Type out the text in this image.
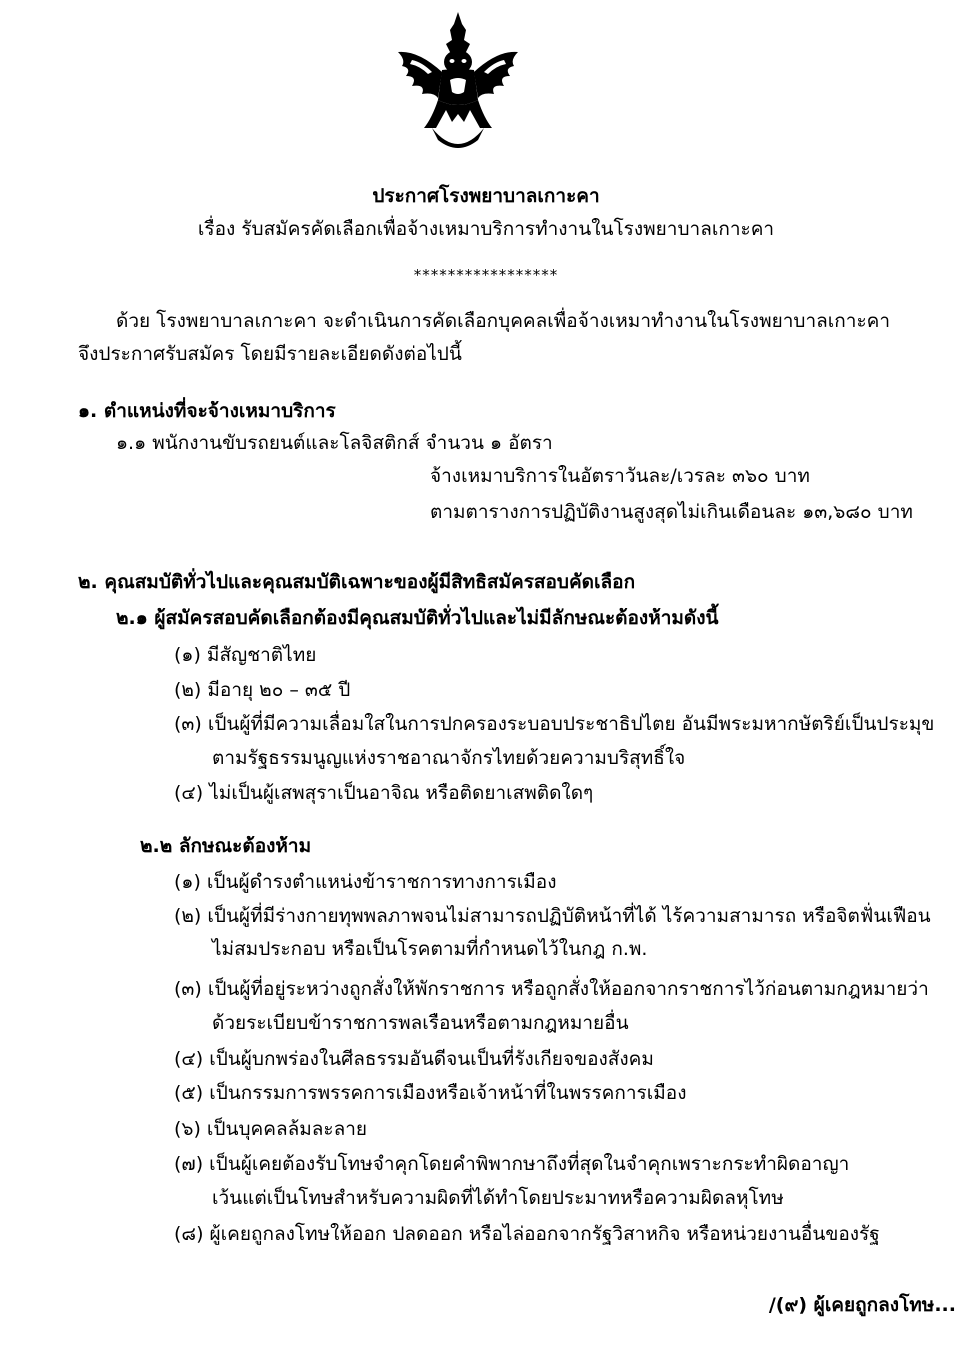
ประกาศโรงพยาบาลเกาะคา
เรื่อง รับสมัครคัดเลือกเพื่อจ้างเหมาบริการทำงานในโรงพยาบาลเกาะคา
*****************
ด้วย โรงพยาบาลเกาะคา จะดำเนินการคัดเลือกบุคคลเพื่อจ้างเหมาทำงานในโรงพยาบาลเกาะคา
จึงประกาศรับสมัคร โดยมีรายละเอียดดังต่อไปนี้
๑. ตำแหน่งที่จะจ้างเหมาบริการ
๑.๑ พนักงานขับรถยนต์และโลจิสติกส์ จำนวน ๑ อัตรา
จ้างเหมาบริการในอัตราวันละ/เวรละ ๓๖๐ บาท
ตามตารางการปฏิบัติงานสูงสุดไม่เกินเดือนละ ๑๓,๖๘๐ บาท
๒. คุณสมบัติทั่วไปและคุณสมบัติเฉพาะของผู้มีสิทธิสมัครสอบคัดเลือก
๒.๑ ผู้สมัครสอบคัดเลือกต้องมีคุณสมบัติทั่วไปและไม่มีลักษณะต้องห้ามดังนี้
(๑) มีสัญชาติไทย
(๒) มีอายุ ๒๐ – ๓๕ ปี
(๓) เป็นผู้ที่มีความเลื่อมใสในการปกครองระบอบประชาธิปไตย อันมีพระมหากษัตริย์เป็นประมุข
ตามรัฐธรรมนูญแห่งราชอาณาจักรไทยด้วยความบริสุทธิ์ใจ
(๔) ไม่เป็นผู้เสพสุราเป็นอาจิณ หรือติดยาเสพติดใดๆ
๒.๒ ลักษณะต้องห้าม
(๑) เป็นผู้ดำรงตำแหน่งข้าราชการทางการเมือง
(๒) เป็นผู้ที่มีร่างกายทุพพลภาพจนไม่สามารถปฏิบัติหน้าที่ได้ ไร้ความสามารถ หรือจิตฟั่นเฟือน
ไม่สมประกอบ หรือเป็นโรคตามที่กำหนดไว้ในกฎ ก.พ.
(๓) เป็นผู้ที่อยู่ระหว่างถูกสั่งให้พักราชการ หรือถูกสั่งให้ออกจากราชการไว้ก่อนตามกฎหมายว่า
ด้วยระเบียบข้าราชการพลเรือนหรือตามกฎหมายอื่น
(๔) เป็นผู้บกพร่องในศีลธรรมอันดีจนเป็นที่รังเกียจของสังคม
(๕) เป็นกรรมการพรรคการเมืองหรือเจ้าหน้าที่ในพรรคการเมือง
(๖) เป็นบุคคลล้มละลาย
(๗) เป็นผู้เคยต้องรับโทษจำคุกโดยคำพิพากษาถึงที่สุดในจำคุกเพราะกระทำผิดอาญา
เว้นแต่เป็นโทษสำหรับความผิดที่ได้ทำโดยประมาทหรือความผิดลหุโทษ
(๘) ผู้เคยถูกลงโทษให้ออก ปลดออก หรือไล่ออกจากรัฐวิสาหกิจ หรือหน่วยงานอื่นของรัฐ
/(๙) ผู้เคยถูกลงโทษ...
